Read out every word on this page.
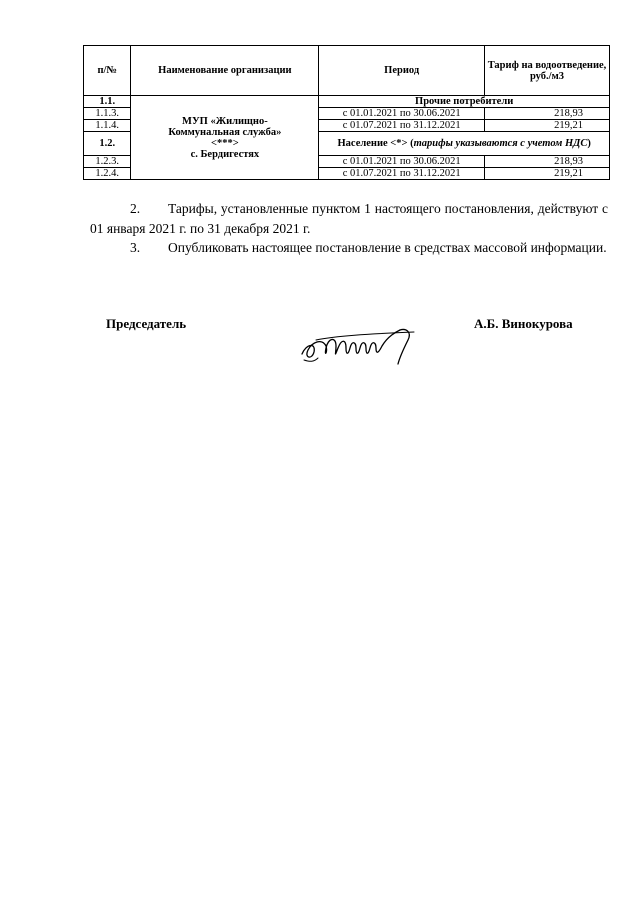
п/№	Наименование организации	Период	Тариф на водоотведение, руб./м3
1.1.	МУП «Жилищно-
Коммунальная служба»
<***>
с. Бердигестях	Прочие потребители	
1.1.3.		с 01.01.2021 по 30.06.2021	218,93
1.1.4.		с 01.07.2021 по 31.12.2021	219,21
1.2.		Население <*> (тарифы указываются с учетом НДС)	
1.2.3.		с 01.01.2021 по 30.06.2021	218,93
1.2.4.		с 01.07.2021 по 31.12.2021	219,21
2. Тарифы, установленные пунктом 1 настоящего постановления, действуют с 01 января 2021 г. по 31 декабря 2021 г.
3. Опубликовать настоящее постановление в средствах массовой информации.
Председатель	А.Б. Винокурова
